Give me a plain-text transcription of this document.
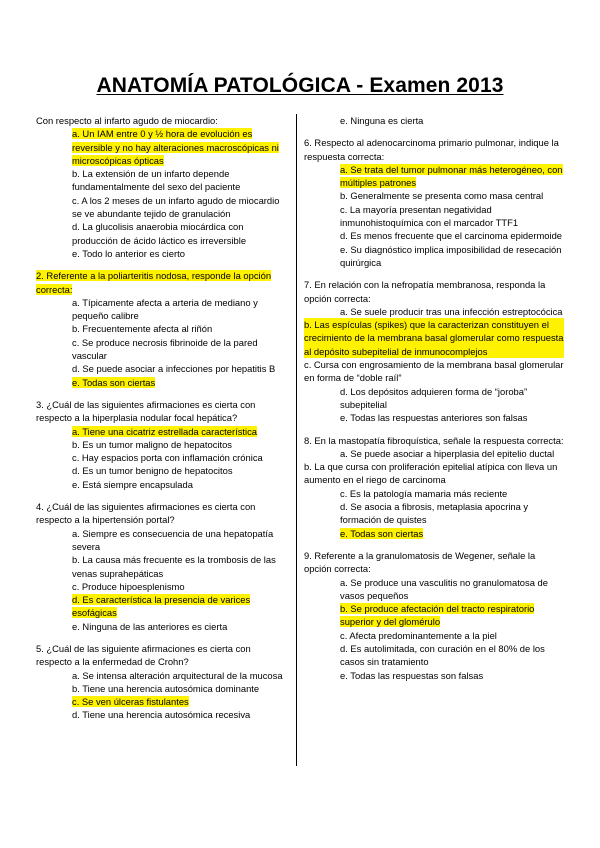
ANATOMÍA PATOLÓGICA - Examen 2013

Con respecto al infarto agudo de miocardio:

a. Un IAM entre 0 y ½ hora de evolución es reversible y no hay alteraciones macroscópicas ni microscópicas ópticas

b. La extensión de un infarto depende fundamentalmente del sexo del paciente

c. A los 2 meses de un infarto agudo de miocardio se ve abundante tejido de granulación

d. La glucolisis anaerobia miocárdica con producción de ácido láctico es irreversible

e. Todo lo anterior es cierto

2. Referente a la poliarteritis nodosa, responde la opción correcta:

a. Típicamente afecta a arteria de mediano y pequeño calibre

b. Frecuentemente afecta al riñón

c. Se produce necrosis fibrinoide de la pared vascular

d. Se puede asociar a infecciones por hepatitis B

e. Todas son ciertas

3. ¿Cuál de las siguientes afirmaciones es cierta con respecto a la hiperplasia nodular focal hepática?

a. Tiene una cicatriz estrellada característica

b. Es un tumor maligno de hepatocitos

c. Hay espacios porta con inflamación crónica

d. Es un tumor benigno de hepatocitos

e. Está siempre encapsulada

4. ¿Cuál de las siguientes afirmaciones es cierta con respecto a la hipertensión portal?

a. Siempre es consecuencia de una hepatopatía severa

b. La causa más frecuente es la trombosis de las venas suprahepáticas

c. Produce hipoesplenismo

d. Es característica la presencia de varices esofágicas

e. Ninguna de las anteriores es cierta

5. ¿Cuál de las siguiente afirmaciones es cierta con respecto a la enfermedad de Crohn?

a. Se intensa alteración arquitectural de la mucosa

b. Tiene una herencia autosómica dominante

c. Se ven úlceras fistulantes

d. Tiene una herencia autosómica recesiva

e. Ninguna es cierta

6. Respecto al adenocarcinoma primario pulmonar, indique la respuesta correcta:

a. Se trata del tumor pulmonar más heterogéneo, con múltiples patrones

b. Generalmente se presenta como masa central

c. La mayoría presentan negatividad inmunohistoquímica con el marcador TTF1

d. Es menos frecuente que el carcinoma epidermoide

e. Su diagnóstico implica imposibilidad de resecación quirúrgica

7. En relación con la nefropatía membranosa, responda la opción correcta:

a. Se suele producir tras una infección estreptocócica

b. Las espículas (spikes) que la caracterizan constituyen el crecimiento de la membrana basal glomerular como respuesta al depósito subepitelial de inmunocomplejos

c. Cursa con engrosamiento de la membrana basal glomerular en forma de “doble raíl”

d. Los depósitos adquieren forma de “joroba” subepitelial

e. Todas las respuestas anteriores son falsas

8. En la mastopatía fibroquística, señale la respuesta correcta:

a. Se puede asociar a hiperplasia del epitelio ductal

b. La que cursa con proliferación epitelial atípica con lleva un aumento en el riego de carcinoma

c. Es la patología mamaria más reciente

d. Se asocia a fibrosis, metaplasia apocrina y formación de quistes

e. Todas son ciertas

9. Referente a la granulomatosis de Wegener, señale la opción correcta:

a. Se produce una vasculitis no granulomatosa de vasos pequeños

b. Se produce afectación del tracto respiratorio superior y del glomérulo

c. Afecta predominantemente a la piel

d. Es autolimitada, con curación en el 80% de los casos sin tratamiento

e. Todas las respuestas son falsas
